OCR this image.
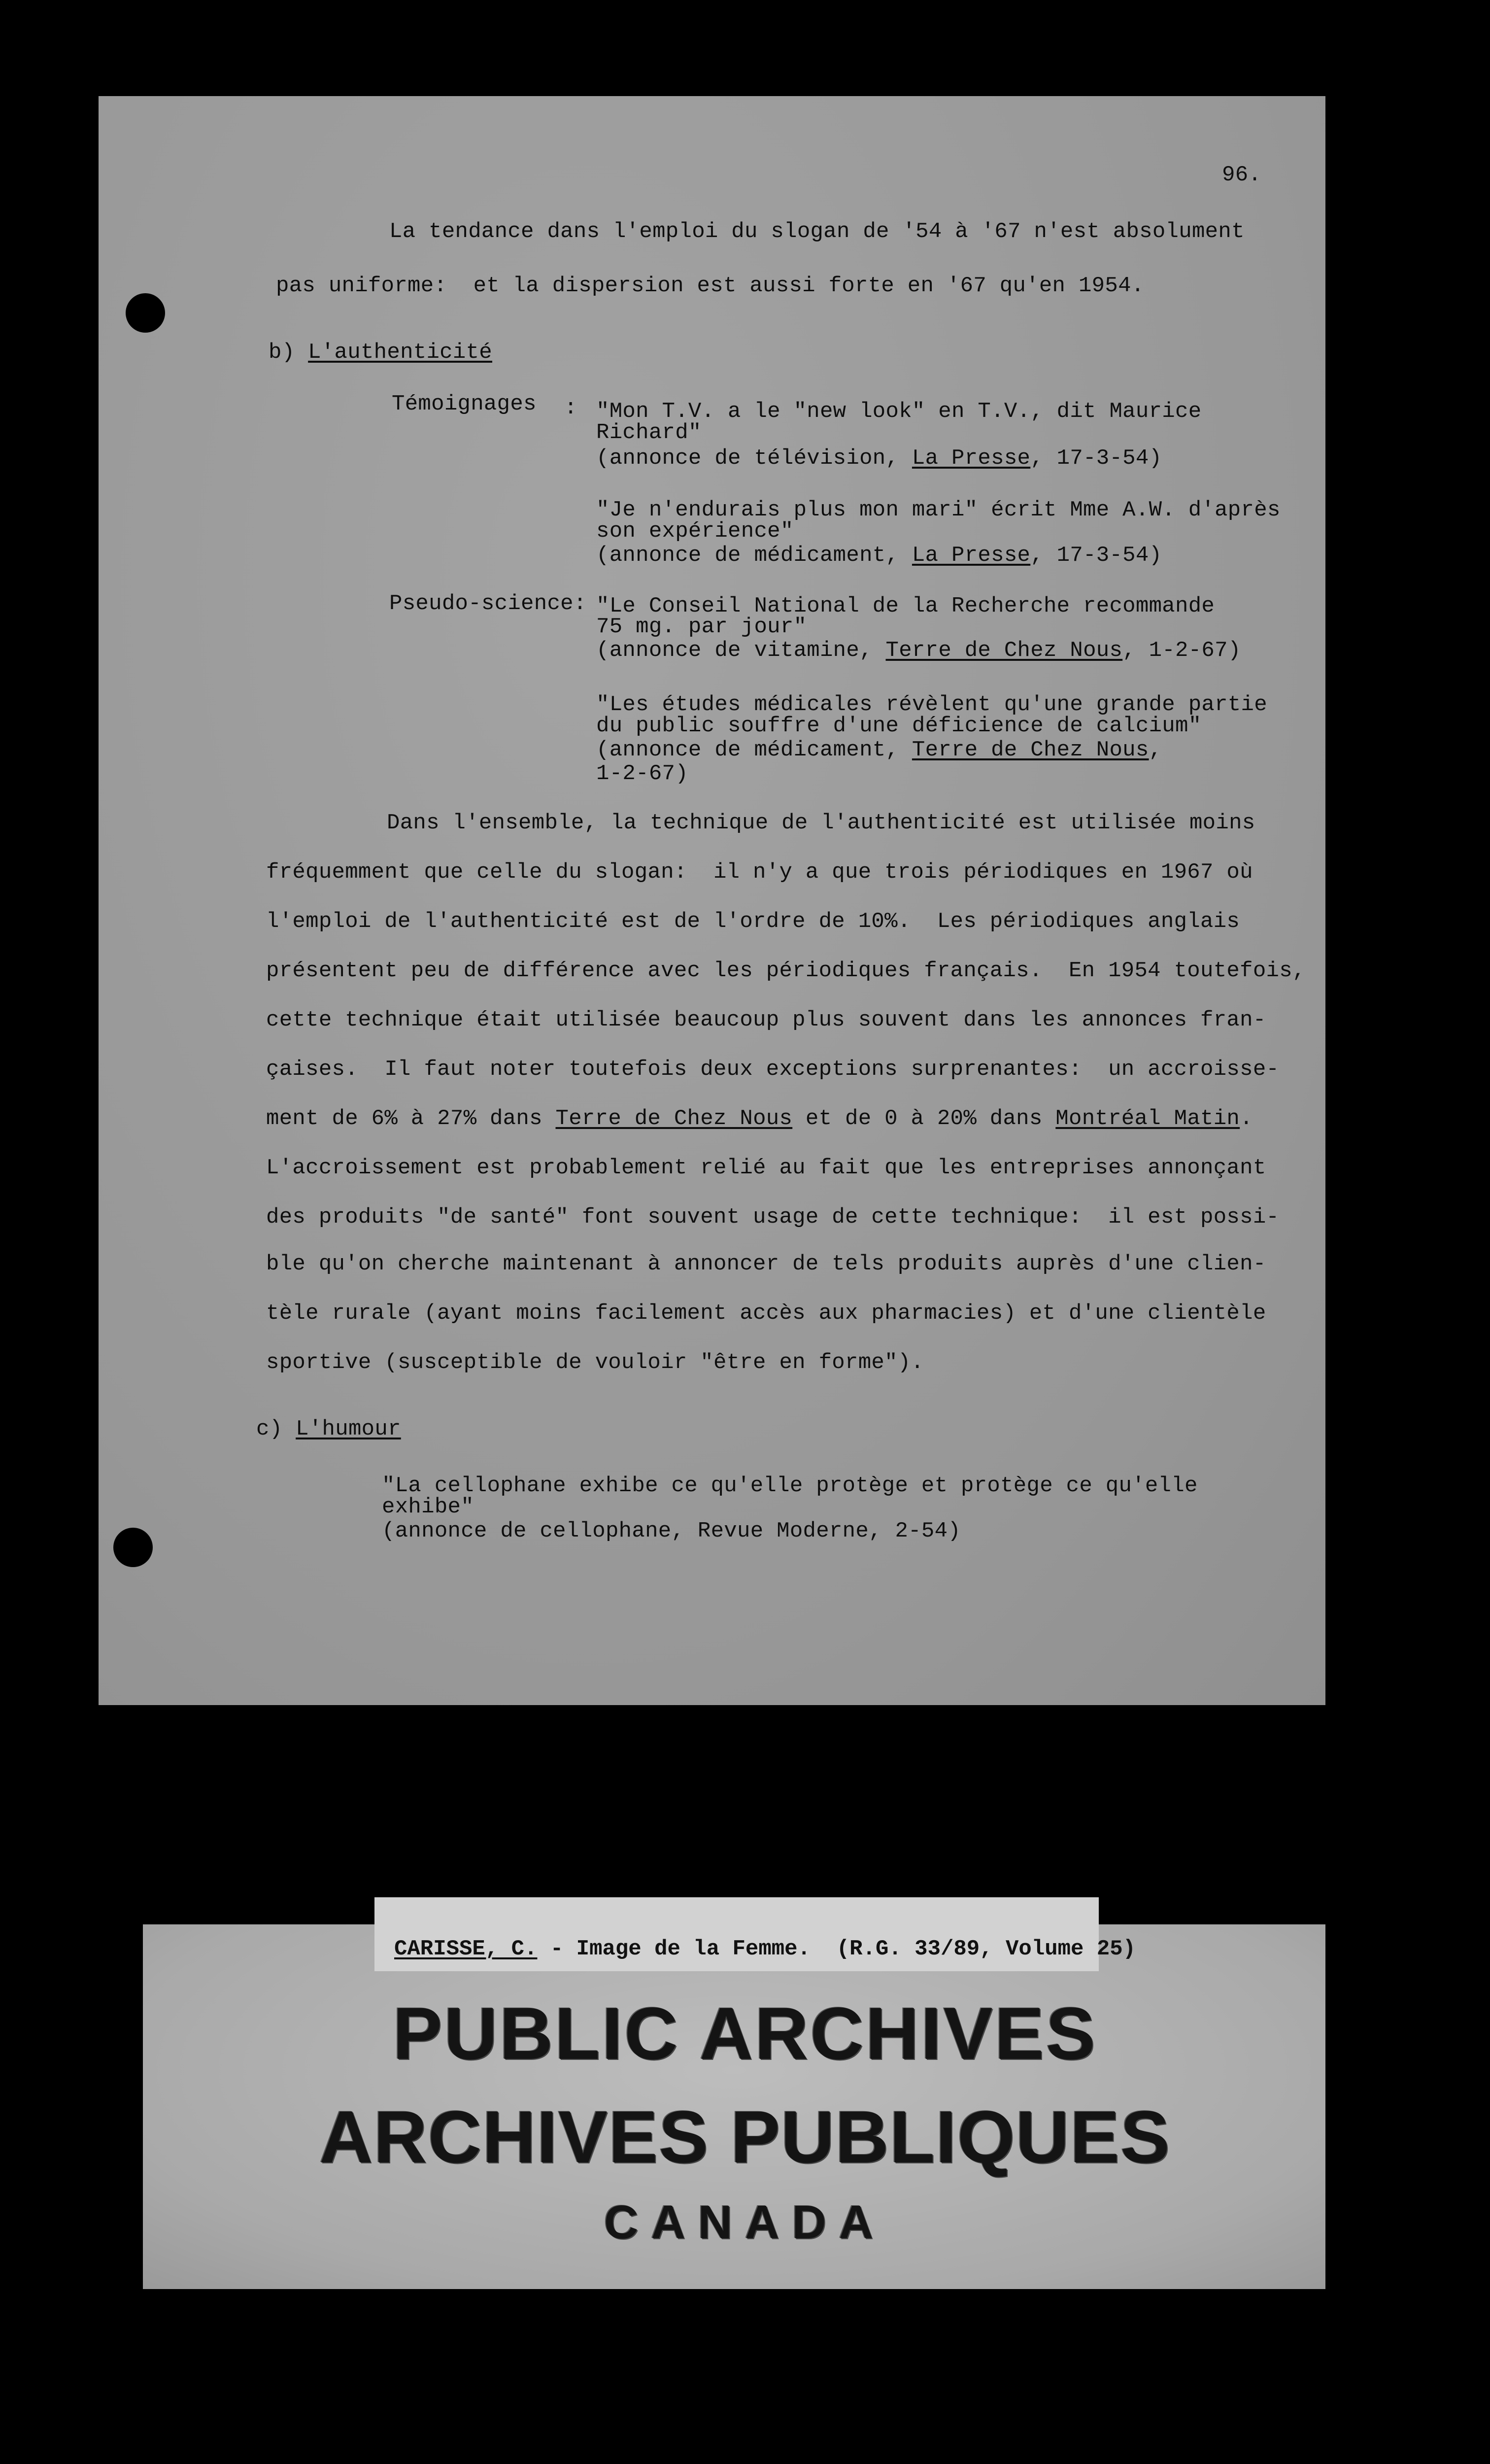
96.
La tendance dans l'emploi du slogan de '54 à '67 n'est absolument
pas uniforme:  et la dispersion est aussi forte en '67 qu'en 1954.
b) L'authenticité
Témoignages : "Mon T.V. a le "new look" en T.V., dit Maurice
Richard"
(annonce de télévision, La Presse, 17-3-54)
"Je n'endurais plus mon mari" écrit Mme A.W. d'après
son expérience"
(annonce de médicament, La Presse, 17-3-54)
Pseudo-science: "Le Conseil National de la Recherche recommande
75 mg. par jour"
(annonce de vitamine, Terre de Chez Nous, 1-2-67)
"Les études médicales révèlent qu'une grande partie
du public souffre d'une déficience de calcium"
(annonce de médicament, Terre de Chez Nous,
1-2-67)
Dans l'ensemble, la technique de l'authenticité est utilisée moins
fréquemment que celle du slogan:  il n'y a que trois périodiques en 1967 où
l'emploi de l'authenticité est de l'ordre de 10%.  Les périodiques anglais
présentent peu de différence avec les périodiques français.  En 1954 toutefois,
cette technique était utilisée beaucoup plus souvent dans les annonces fran-
çaises.  Il faut noter toutefois deux exceptions surprenantes:  un accroisse-
ment de 6% à 27% dans Terre de Chez Nous et de 0 à 20% dans Montréal Matin.
L'accroissement est probablement relié au fait que les entreprises annonçant
des produits "de santé" font souvent usage de cette technique:  il est possi-
ble qu'on cherche maintenant à annoncer de tels produits auprès d'une clien-
tèle rurale (ayant moins facilement accès aux pharmacies) et d'une clientèle
sportive (susceptible de vouloir "être en forme").
c) L'humour
"La cellophane exhibe ce qu'elle protège et protège ce qu'elle
exhibe"
(annonce de cellophane, Revue Moderne, 2-54)
CARISSE, C. - Image de la Femme.  (R.G. 33/89, Volume 25)
PUBLIC ARCHIVES
ARCHIVES PUBLIQUES
CANADA
